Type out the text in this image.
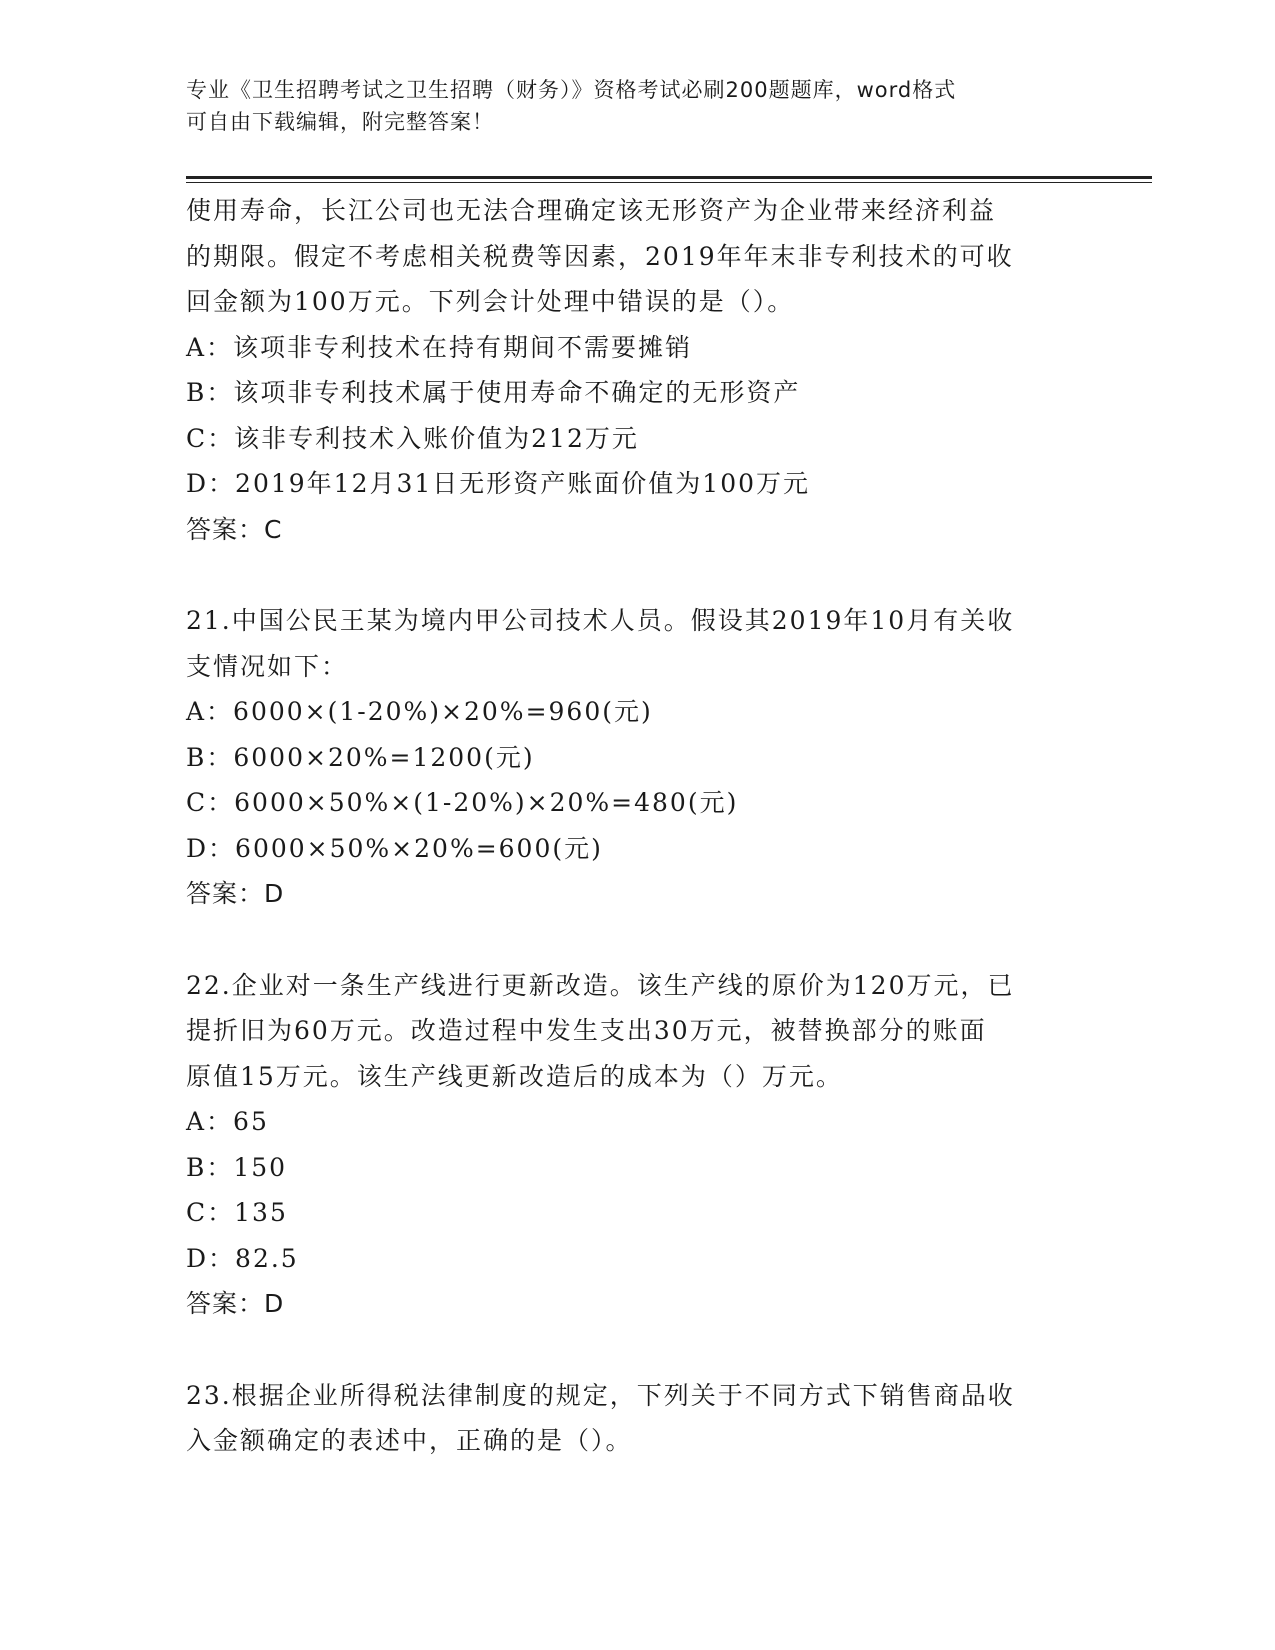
专业《卫生招聘考试之卫生招聘（财务）》资格考试必刷200题题库，word格式
可自由下载编辑，附完整答案！
使用寿命，长江公司也无法合理确定该无形资产为企业带来经济利益
的期限。假定不考虑相关税费等因素，2019年年末非专利技术的可收
回金额为100万元。下列会计处理中错误的是（）。
A：该项非专利技术在持有期间不需要摊销
B：该项非专利技术属于使用寿命不确定的无形资产
C：该非专利技术入账价值为212万元
D：2019年12月31日无形资产账面价值为100万元
答案：C
21.中国公民王某为境内甲公司技术人员。假设其2019年10月有关收
支情况如下：
A：6000×(1-20%)×20%=960(元)
B：6000×20%=1200(元)
C：6000×50%×(1-20%)×20%=480(元)
D：6000×50%×20%=600(元)
答案：D
22.企业对一条生产线进行更新改造。该生产线的原价为120万元，已
提折旧为60万元。改造过程中发生支出30万元，被替换部分的账面
原值15万元。该生产线更新改造后的成本为（）万元。
A：65
B：150
C：135
D：82.5
答案：D
23.根据企业所得税法律制度的规定，下列关于不同方式下销售商品收
入金额确定的表述中，正确的是（）。
